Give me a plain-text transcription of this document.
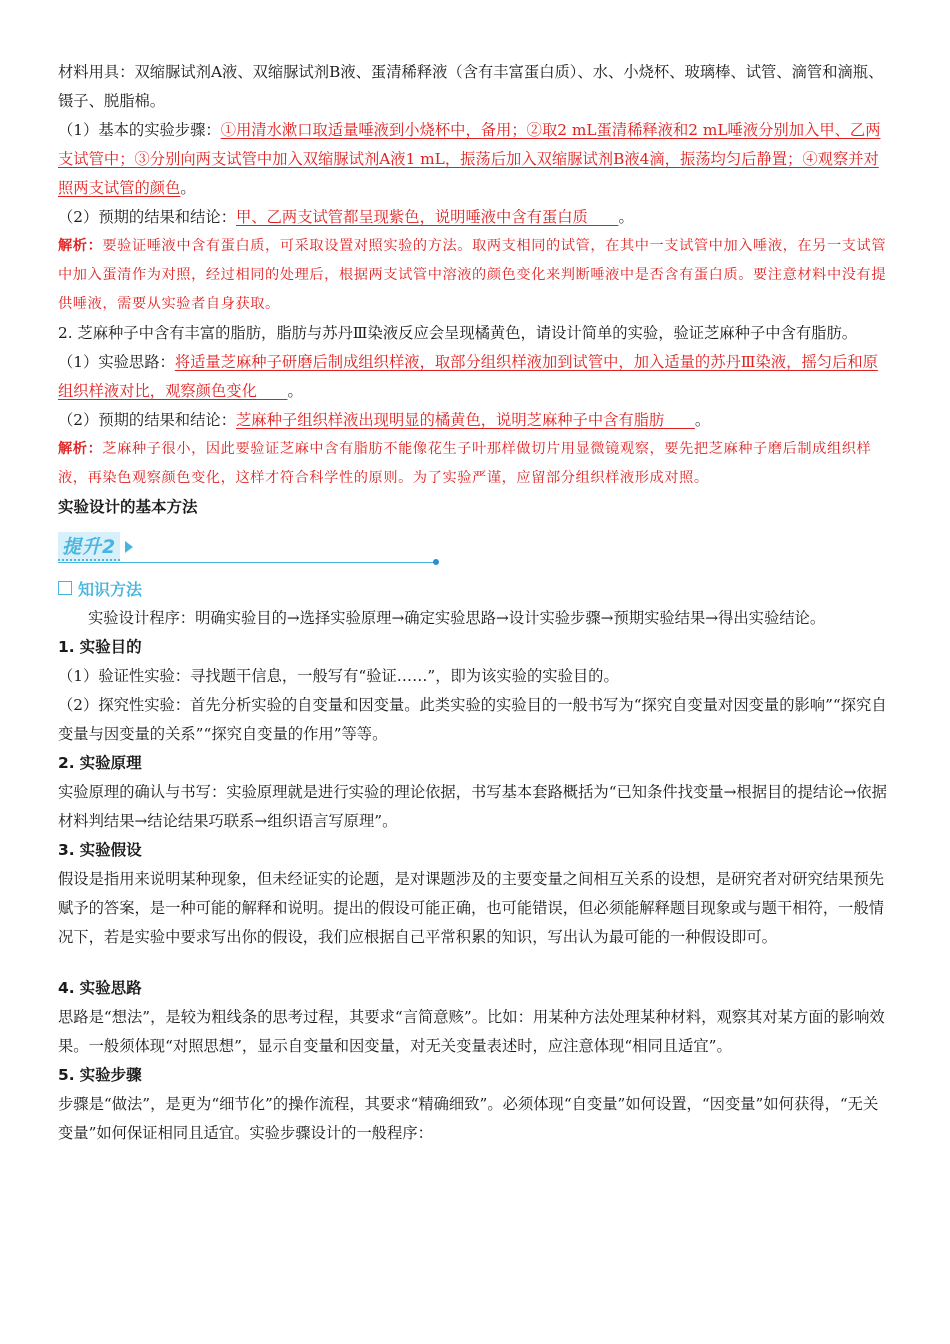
材料用具：双缩脲试剂A液、双缩脲试剂B液、蛋清稀释液（含有丰富蛋白质）、水、小烧杯、玻璃棒、试管、滴管和滴瓶、镊子、脱脂棉。

（1）基本的实验步骤：①用清水漱口取适量唾液到小烧杯中，备用；②取2 mL蛋清稀释液和2 mL唾液分别加入甲、乙两支试管中；③分别向两支试管中加入双缩脲试剂A液1 mL，振荡后加入双缩脲试剂B液4滴，振荡均匀后静置；④观察并对照两支试管的颜色。

（2）预期的结果和结论：甲、乙两支试管都呈现紫色，说明唾液中含有蛋白质　　。

解析：要验证唾液中含有蛋白质，可采取设置对照实验的方法。取两支相同的试管，在其中一支试管中加入唾液，在另一支试管中加入蛋清作为对照，经过相同的处理后，根据两支试管中溶液的颜色变化来判断唾液中是否含有蛋白质。要注意材料中没有提供唾液，需要从实验者自身获取。

2. 芝麻种子中含有丰富的脂肪，脂肪与苏丹Ⅲ染液反应会呈现橘黄色，请设计简单的实验，验证芝麻种子中含有脂肪。

（1）实验思路：将适量芝麻种子研磨后制成组织样液，取部分组织样液加到试管中，加入适量的苏丹Ⅲ染液，摇匀后和原组织样液对比，观察颜色变化　　。

（2）预期的结果和结论：芝麻种子组织样液出现明显的橘黄色，说明芝麻种子中含有脂肪　　。

解析：芝麻种子很小，因此要验证芝麻中含有脂肪不能像花生子叶那样做切片用显微镜观察，要先把芝麻种子磨后制成组织样液，再染色观察颜色变化，这样才符合科学性的原则。为了实验严谨，应留部分组织样液形成对照。

实验设计的基本方法

提升2
知识方法

实验设计程序：明确实验目的→选择实验原理→确定实验思路→设计实验步骤→预期实验结果→得出实验结论。

1. 实验目的

（1）验证性实验：寻找题干信息，一般写有“验证……”，即为该实验的实验目的。

（2）探究性实验：首先分析实验的自变量和因变量。此类实验的实验目的一般书写为“探究自变量对因变量的影响”“探究自变量与因变量的关系”“探究自变量的作用”等等。

2. 实验原理

实验原理的确认与书写：实验原理就是进行实验的理论依据，书写基本套路概括为“已知条件找变量→根据目的提结论→依据材料判结果→结论结果巧联系→组织语言写原理”。

3. 实验假设

假设是指用来说明某种现象，但未经证实的论题，是对课题涉及的主要变量之间相互关系的设想，是研究者对研究结果预先赋予的答案，是一种可能的解释和说明。提出的假设可能正确，也可能错误，但必须能解释题目现象或与题干相符，一般情况下，若是实验中要求写出你的假设，我们应根据自己平常积累的知识，写出认为最可能的一种假设即可。

4. 实验思路

思路是“想法”，是较为粗线条的思考过程，其要求“言简意赅”。比如：用某种方法处理某种材料，观察其对某方面的影响效果。一般须体现“对照思想”，显示自变量和因变量，对无关变量表述时，应注意体现“相同且适宜”。

5. 实验步骤

步骤是“做法”，是更为“细节化”的操作流程，其要求“精确细致”。必须体现“自变量”如何设置，“因变量”如何获得，“无关变量”如何保证相同且适宜。实验步骤设计的一般程序：
